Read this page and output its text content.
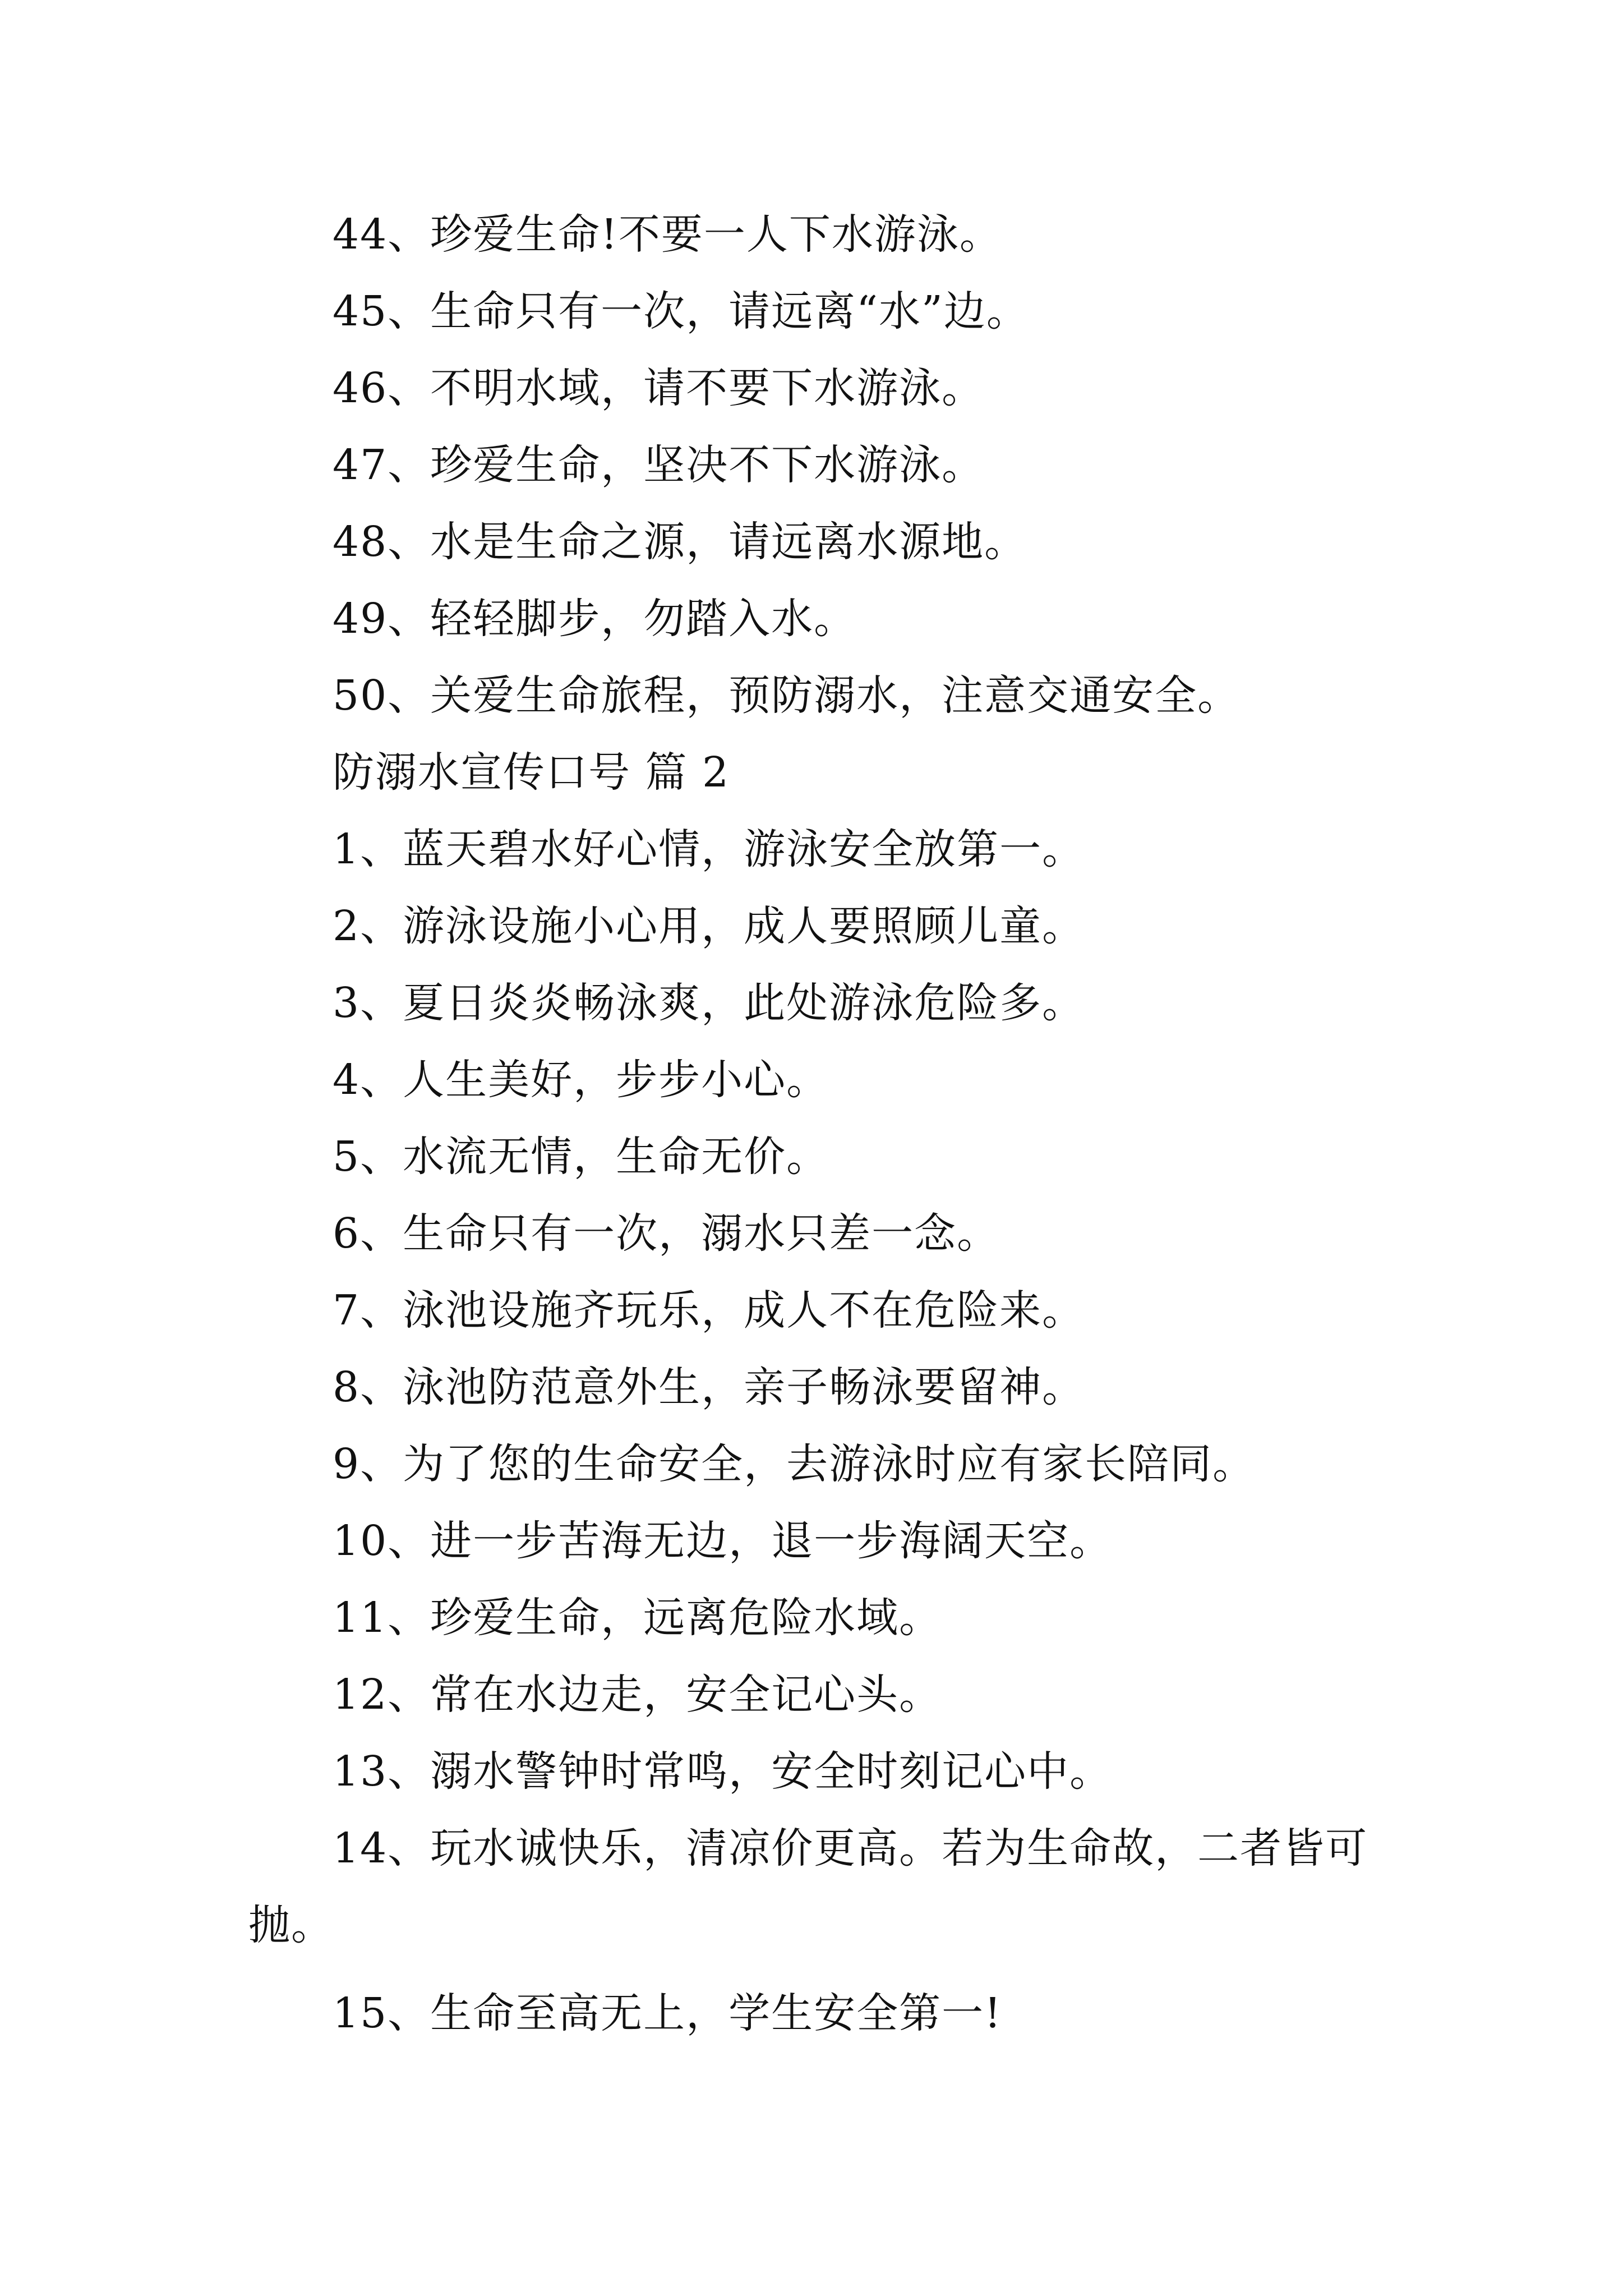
44、珍爱生命!不要一人下水游泳。
45、生命只有一次，请远离“水”边。
46、不明水域，请不要下水游泳。
47、珍爱生命，坚决不下水游泳。
48、水是生命之源，请远离水源地。
49、轻轻脚步，勿踏入水。
50、关爱生命旅程，预防溺水，注意交通安全。
防溺水宣传口号 篇 2
1、蓝天碧水好心情，游泳安全放第一。
2、游泳设施小心用，成人要照顾儿童。
3、夏日炎炎畅泳爽，此处游泳危险多。
4、人生美好，步步小心。
5、水流无情，生命无价。
6、生命只有一次，溺水只差一念。
7、泳池设施齐玩乐，成人不在危险来。
8、泳池防范意外生，亲子畅泳要留神。
9、为了您的生命安全，去游泳时应有家长陪同。
10、进一步苦海无边，退一步海阔天空。
11、珍爱生命，远离危险水域。
12、常在水边走，安全记心头。
13、溺水警钟时常鸣，安全时刻记心中。
14、玩水诚快乐，清凉价更高。若为生命故，二者皆可
抛。
15、生命至高无上，学生安全第一!
